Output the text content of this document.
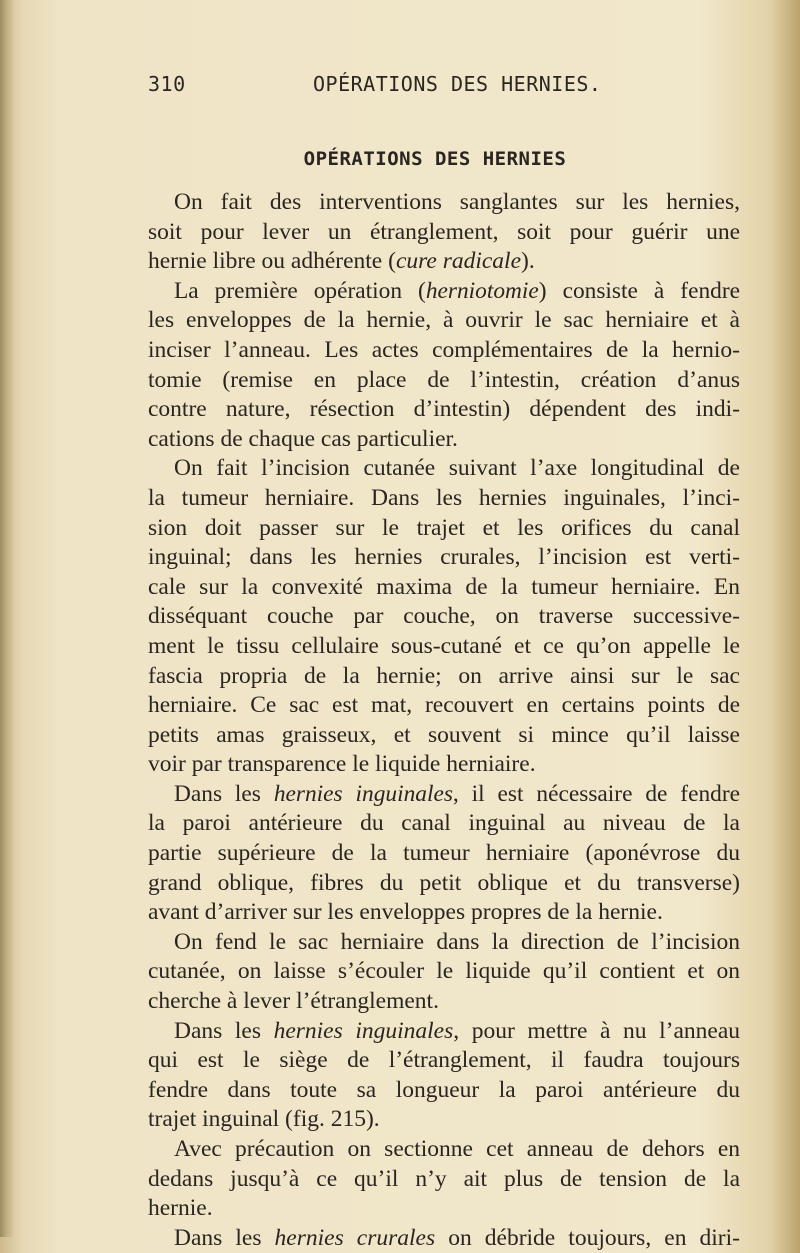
310	OPÉRATIONS DES HERNIES.
OPÉRATIONS DES HERNIES
On fait des interventions sanglantes sur les hernies,
soit pour lever un étranglement, soit pour guérir une
hernie libre ou adhérente (cure radicale).
La première opération (herniotomie) consiste à fendre
les enveloppes de la hernie, à ouvrir le sac herniaire et à
inciser l’anneau. Les actes complémentaires de la hernio-
tomie (remise en place de l’intestin, création d’anus
contre nature, résection d’intestin) dépendent des indi-
cations de chaque cas particulier.
On fait l’incision cutanée suivant l’axe longitudinal de
la tumeur herniaire. Dans les hernies inguinales, l’inci-
sion doit passer sur le trajet et les orifices du canal
inguinal; dans les hernies crurales, l’incision est verti-
cale sur la convexité maxima de la tumeur herniaire. En
disséquant couche par couche, on traverse successive-
ment le tissu cellulaire sous-cutané et ce qu’on appelle le
fascia propria de la hernie; on arrive ainsi sur le sac
herniaire. Ce sac est mat, recouvert en certains points de
petits amas graisseux, et souvent si mince qu’il laisse
voir par transparence le liquide herniaire.
Dans les hernies inguinales, il est nécessaire de fendre
la paroi antérieure du canal inguinal au niveau de la
partie supérieure de la tumeur herniaire (aponévrose du
grand oblique, fibres du petit oblique et du transverse)
avant d’arriver sur les enveloppes propres de la hernie.
On fend le sac herniaire dans la direction de l’incision
cutanée, on laisse s’écouler le liquide qu’il contient et on
cherche à lever l’étranglement.
Dans les hernies inguinales, pour mettre à nu l’anneau
qui est le siège de l’étranglement, il faudra toujours
fendre dans toute sa longueur la paroi antérieure du
trajet inguinal (fig. 215).
Avec précaution on sectionne cet anneau de dehors en
dedans jusqu’à ce qu’il n’y ait plus de tension de la
hernie.
Dans les hernies crurales on débride toujours, en diri-
